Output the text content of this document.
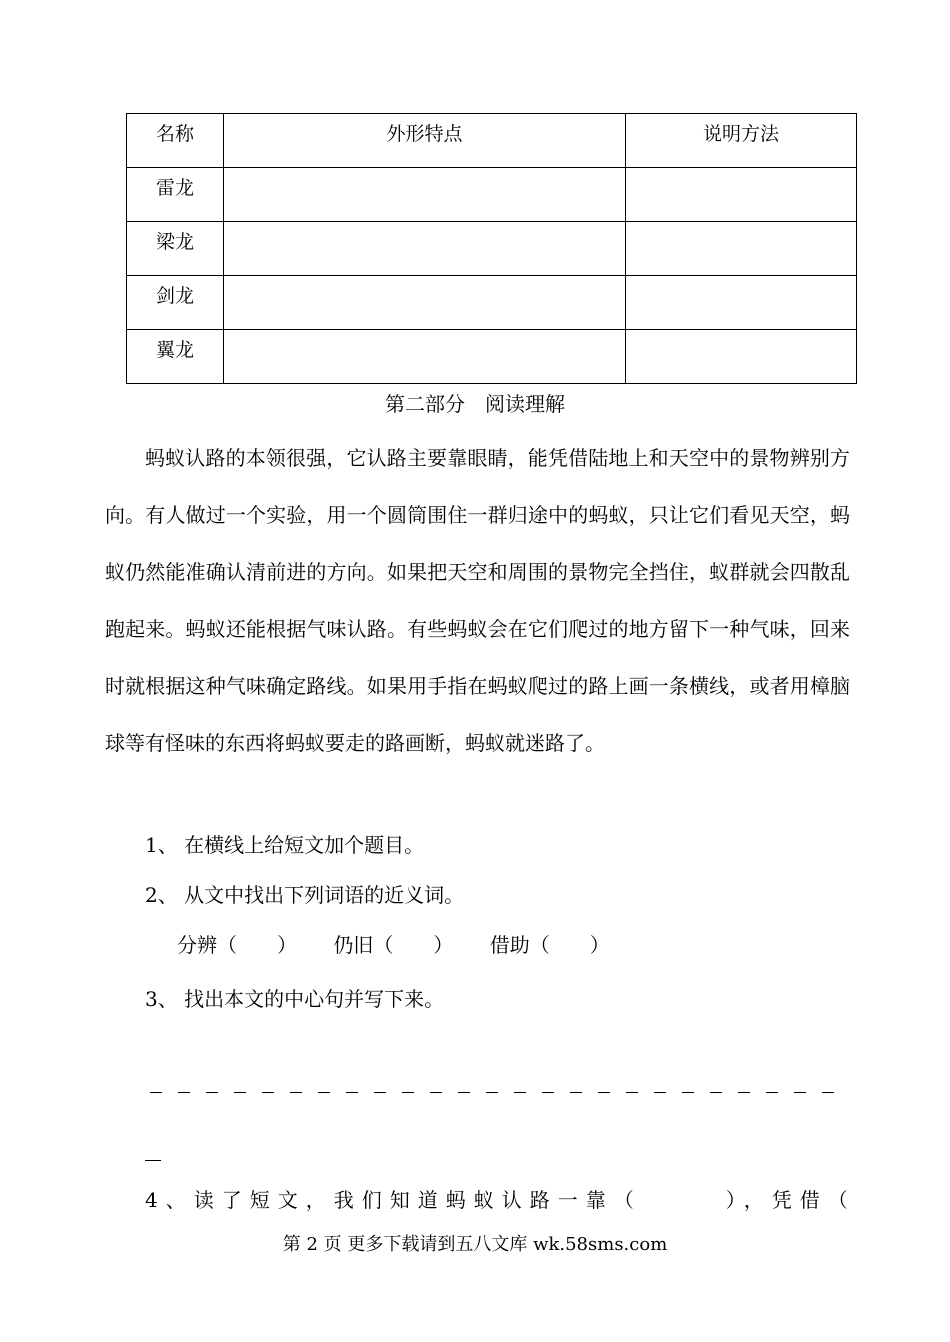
名称	外形特点	说明方法

雷龙		

梁龙		

剑龙		

翼龙		

第二部分　阅读理解

蚂蚁认路的本领很强，它认路主要靠眼睛，能凭借陆地上和天空中的景物辨别方向。有人做过一个实验，用一个圆筒围住一群归途中的蚂蚁，只让它们看见天空，蚂蚁仍然能准确认清前进的方向。如果把天空和周围的景物完全挡住，蚁群就会四散乱跑起来。蚂蚁还能根据气味认路。有些蚂蚁会在它们爬过的地方留下一种气味，回来时就根据这种气味确定路线。如果用手指在蚂蚁爬过的路上画一条横线，或者用樟脑球等有怪味的东西将蚂蚁要走的路画断，蚂蚁就迷路了。

1、 在横线上给短文加个题目。
2、 从文中找出下列词语的近义词。
分辨（　　） 仍旧（　　） 借助（　　）
3、 找出本文的中心句并写下来。
4、读了短文，我们知道蚂蚁认路一靠（　　　），凭借（
第 2 页 更多下载请到五八文库 wk.58sms.com
